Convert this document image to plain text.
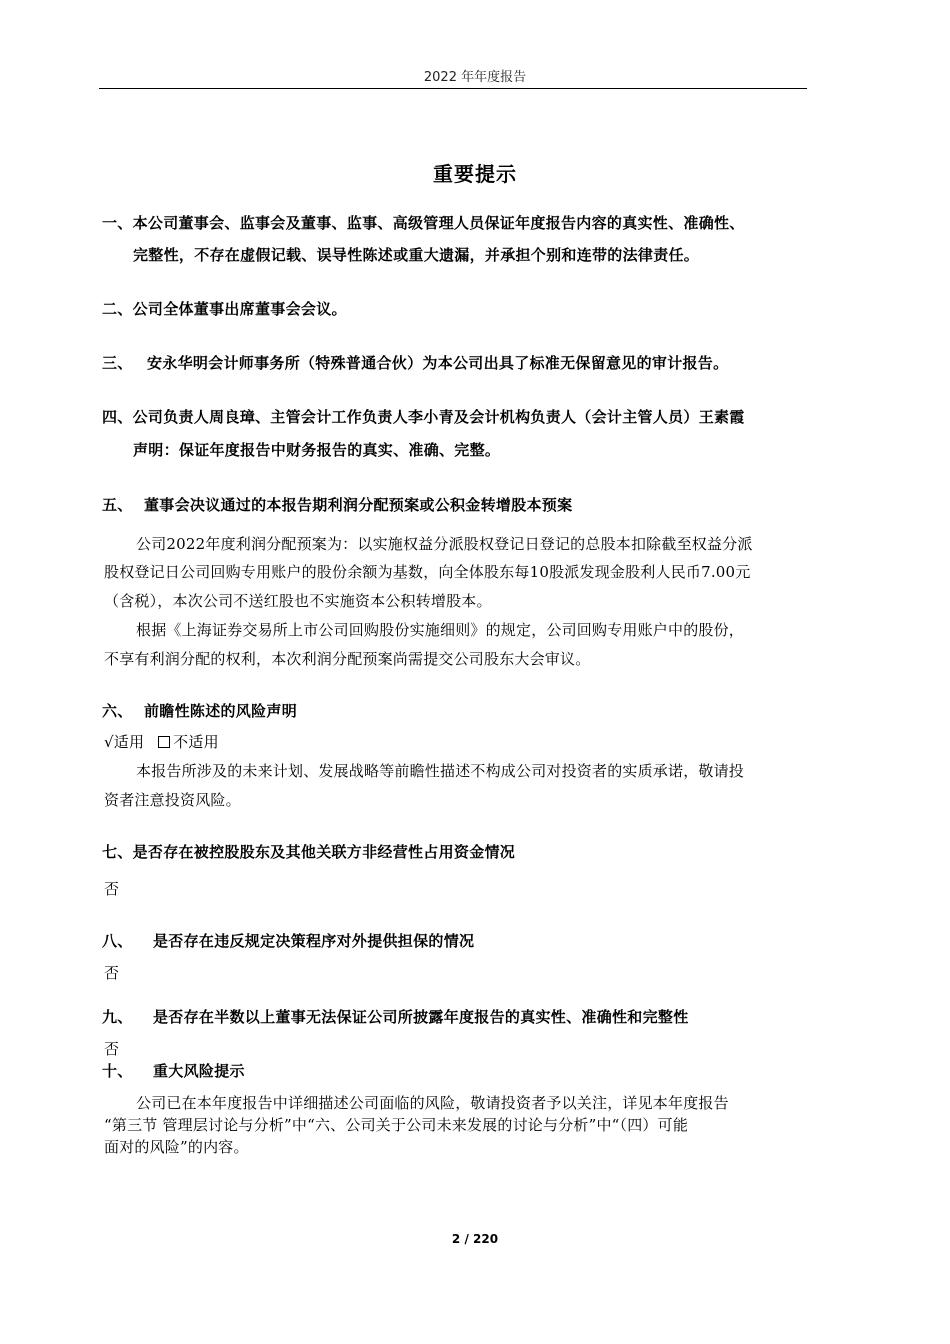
2022 年年度报告
重要提示
一、本公司董事会、监事会及董事、监事、高级管理人员保证年度报告内容的真实性、准确性、
完整性，不存在虚假记载、误导性陈述或重大遗漏，并承担个别和连带的法律责任。
二、公司全体董事出席董事会会议。
三、 安永华明会计师事务所（特殊普通合伙）为本公司出具了标准无保留意见的审计报告。
四、公司负责人周良璋、主管会计工作负责人李小青及会计机构负责人（会计主管人员）王素霞
声明：保证年度报告中财务报告的真实、准确、完整。
五、 董事会决议通过的本报告期利润分配预案或公积金转增股本预案
公司2022年度利润分配预案为：以实施权益分派股权登记日登记的总股本扣除截至权益分派
股权登记日公司回购专用账户的股份余额为基数，向全体股东每10股派发现金股利人民币7.00元
（含税），本次公司不送红股也不实施资本公积转增股本。
根据《上海证券交易所上市公司回购股份实施细则》的规定，公司回购专用账户中的股份，
不享有利润分配的权利，本次利润分配预案尚需提交公司股东大会审议。
六、 前瞻性陈述的风险声明
√适用 不适用
本报告所涉及的未来计划、发展战略等前瞻性描述不构成公司对投资者的实质承诺，敬请投
资者注意投资风险。
七、是否存在被控股股东及其他关联方非经营性占用资金情况
否
八、 是否存在违反规定决策程序对外提供担保的情况
否
九、 是否存在半数以上董事无法保证公司所披露年度报告的真实性、准确性和完整性
否
十、 重大风险提示
公司已在本年度报告中详细描述公司面临的风险，敬请投资者予以关注，详见本年度报告
“第三节 管理层讨论与分析”中“六、公司关于公司未来发展的讨论与分析”中“（四）可能
面对的风险”的内容。
2 / 220
